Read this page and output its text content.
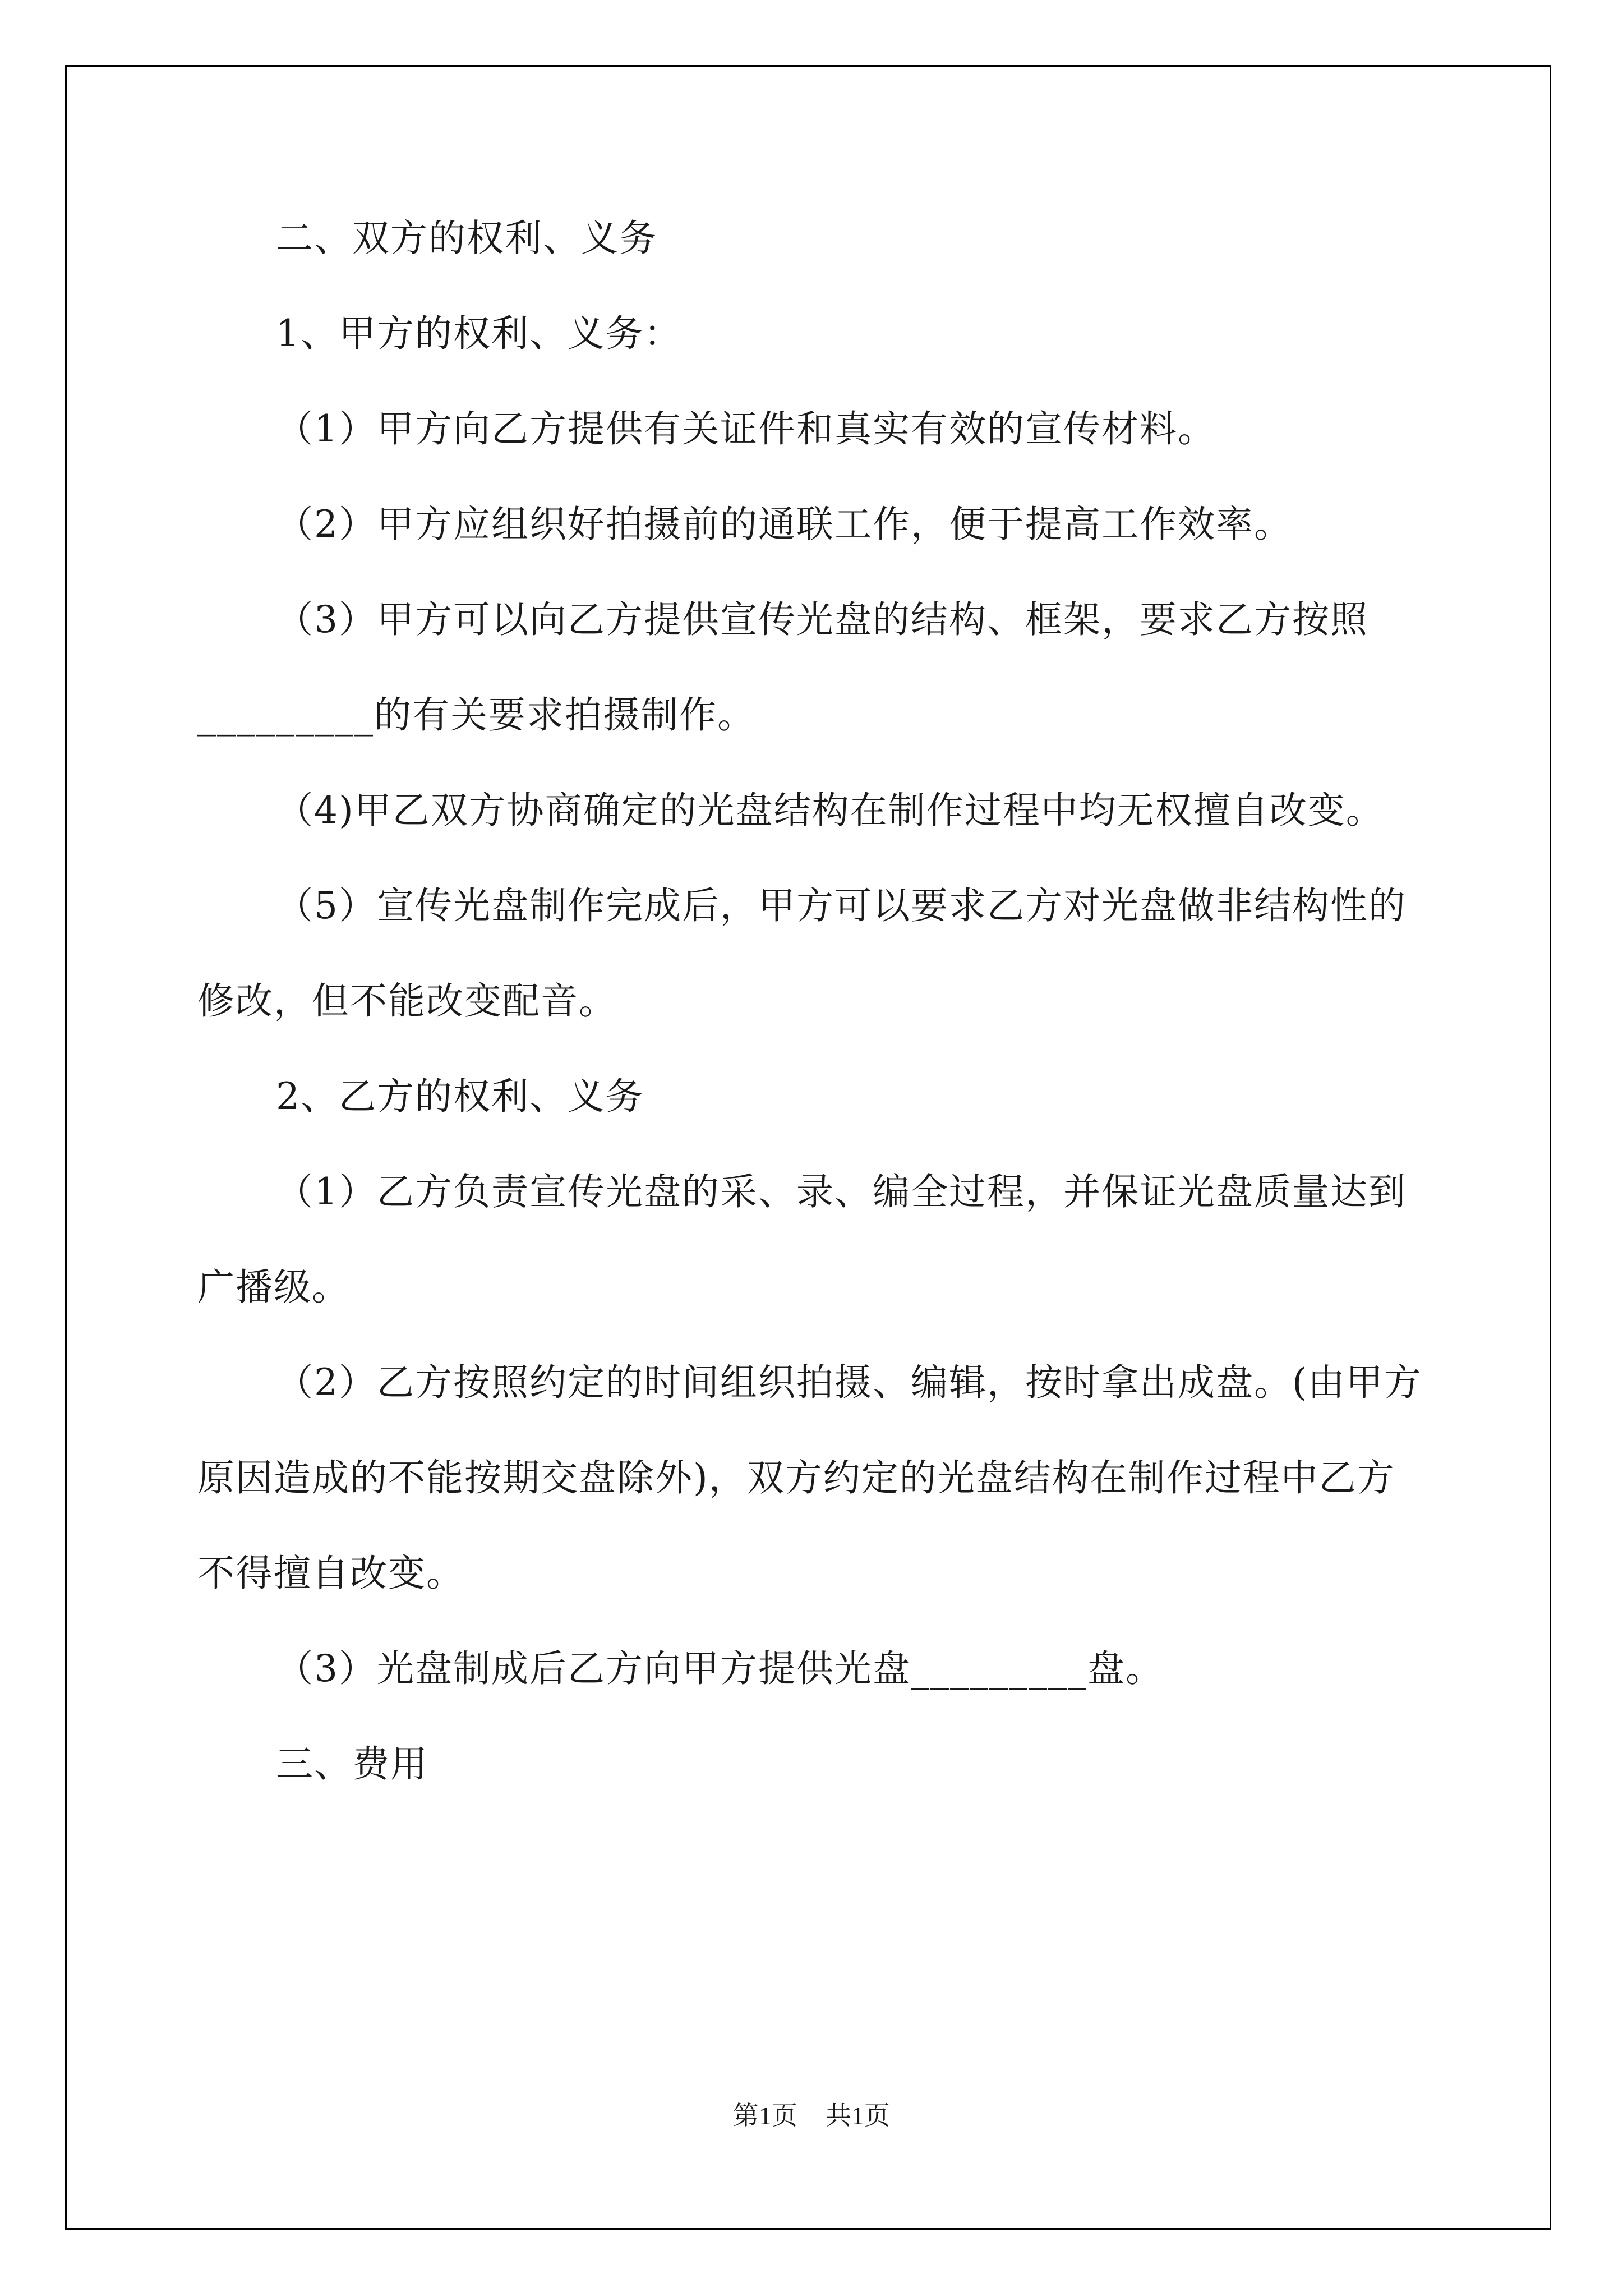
二、双方的权利、义务

1、甲方的权利、义务：

（1）甲方向乙方提供有关证件和真实有效的宣传材料。

（2）甲方应组织好拍摄前的通联工作，便于提高工作效率。

（3）甲方可以向乙方提供宣传光盘的结构、框架，要求乙方按照_________的有关要求拍摄制作。

（4)甲乙双方协商确定的光盘结构在制作过程中均无权擅自改变。

（5）宣传光盘制作完成后，甲方可以要求乙方对光盘做非结构性的修改，但不能改变配音。

2、乙方的权利、义务

（1）乙方负责宣传光盘的采、录、编全过程，并保证光盘质量达到广播级。

（2）乙方按照约定的时间组织拍摄、编辑，按时拿出成盘。(由甲方原因造成的不能按期交盘除外)，双方约定的光盘结构在制作过程中乙方不得擅自改变。

（3）光盘制成后乙方向甲方提供光盘_________盘。

三、费用

第1页 共1页
